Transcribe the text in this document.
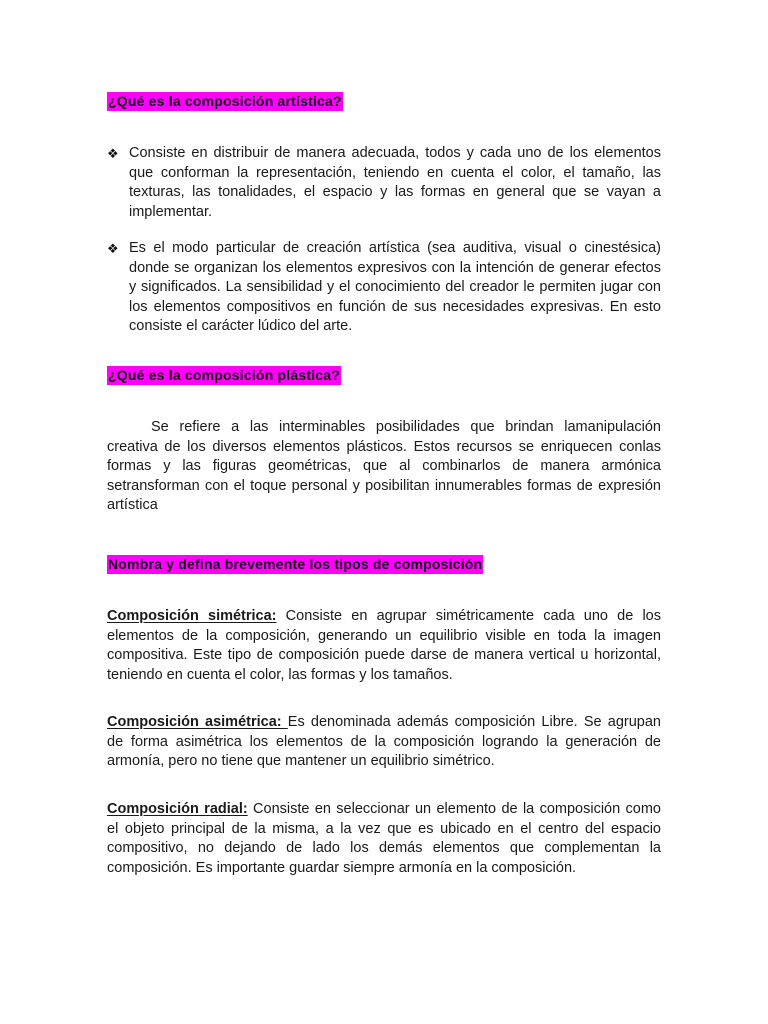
¿Qué es la composición artística?
❖ Consiste en distribuir de manera adecuada, todos y cada uno de los elementos que conforman la representación, teniendo en cuenta el color, el tamaño, las texturas, las tonalidades, el espacio y las formas en general que se vayan a implementar.
❖ Es el modo particular de creación artística (sea auditiva, visual o cinestésica) donde se organizan los elementos expresivos con la intención de generar efectos y significados. La sensibilidad y el conocimiento del creador le permiten jugar con los elementos compositivos en función de sus necesidades expresivas. En esto consiste el carácter lúdico del arte.
¿Qué es la composición plástica?

Se refiere a las interminables posibilidades que brindan lamanipulación creativa de los diversos elementos plásticos. Estos recursos se enriquecen conlas formas y las figuras geométricas, que al combinarlos de manera armónica setransforman con el toque personal y posibilitan innumerables formas de expresión artística

Nombra y defina brevemente los tipos de composición

Composición simétrica: Consiste en agrupar simétricamente cada uno de los elementos de la composición, generando un equilibrio visible en toda la imagen compositiva. Este tipo de composición puede darse de manera vertical u horizontal, teniendo en cuenta el color, las formas y los tamaños.

Composición asimétrica: Es denominada además composición Libre. Se agrupan de forma asimétrica los elementos de la composición logrando la generación de armonía, pero no tiene que mantener un equilibrio simétrico.

Composición radial: Consiste en seleccionar un elemento de la composición como el objeto principal de la misma, a la vez que es ubicado en el centro del espacio compositivo, no dejando de lado los demás elementos que complementan la composición. Es importante guardar siempre armonía en la composición.
